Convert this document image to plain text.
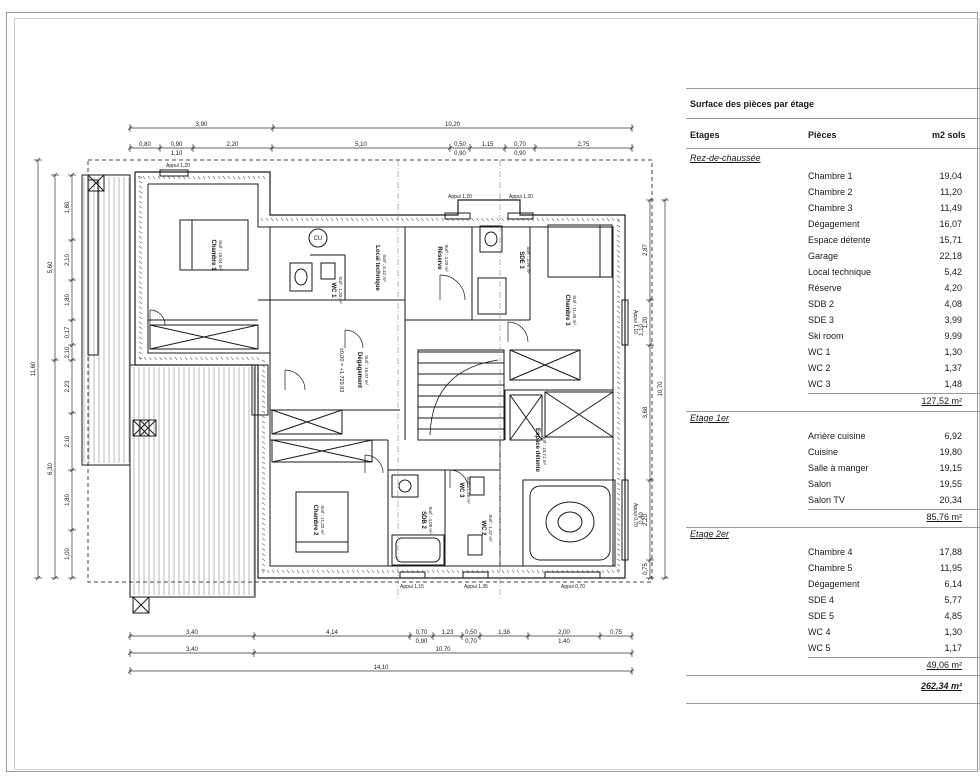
3,90	10,20
0,80	0,90	2,20	5,10	0,50	1,15	0,70	2,75
1,10	0,90	0,90
3,40	4,14	0,70 1,23 0,50	1,38	2,00	0,75
0,90	0,70	1,40
3,40	10,70
14,10
1,80
2,10
1,80
0,17
2,10
2,23
2,10
1,80
1,00
5,60
6,30
11,60
2,87
1,20
3,68
2,20
0,75
10,70
1,10
0,40
Appui 1,20
Appui 1,20	Appui 1,20
Appui 1,15	Appui 1,35	Appui 0,70
Appui 1,10
Appui 0,70
Chambre 1 Surf : 19,04 m²	Local technique Surf : 5,42 m²	Réserve Surf : 4,20 m²	SDE 3 Surf : 3,99 m²
Chambre 3 Surf : 11,49 m²
WC 1 Surf : 1,30 m²
Dégagement Surf : 16,07 m²
Espace détente Surf : 15,71 m²
Chambre 2 Surf : 11,20 m²	SDB 2 Surf : 4,08 m²
WC 3 Surf : 1,48 m²
WC 2 Surf : 1,37 m²
±0,00 = +1.729,93
CU
Surface des pièces par étage
Etages	Pièces	m2 sols
Rez-de-chaussée
Chambre 1	19,04
Chambre 2	11,20
Chambre 3	11,49
Dégagement	16,07
Espace détente	15,71
Garage	22,18
Local technique	5,42
Réserve	4,20
SDB 2	4,08
SDE 3	3,99
Ski room	9,99
WC 1	1,30
WC 2	1,37
WC 3	1,48
127,52 m²
Etage 1er
Arrière cuisine	6,92
Cuisine	19,80
Salle à manger	19,15
Salon	19,55
Salon TV	20,34
85,76 m²
Etage 2er
Chambre 4	17,88
Chambre 5	11,95
Dégagement	6,14
SDE 4	5,77
SDE 5	4,85
WC 4	1,30
WC 5	1,17
49,06 m²
262,34 m²
